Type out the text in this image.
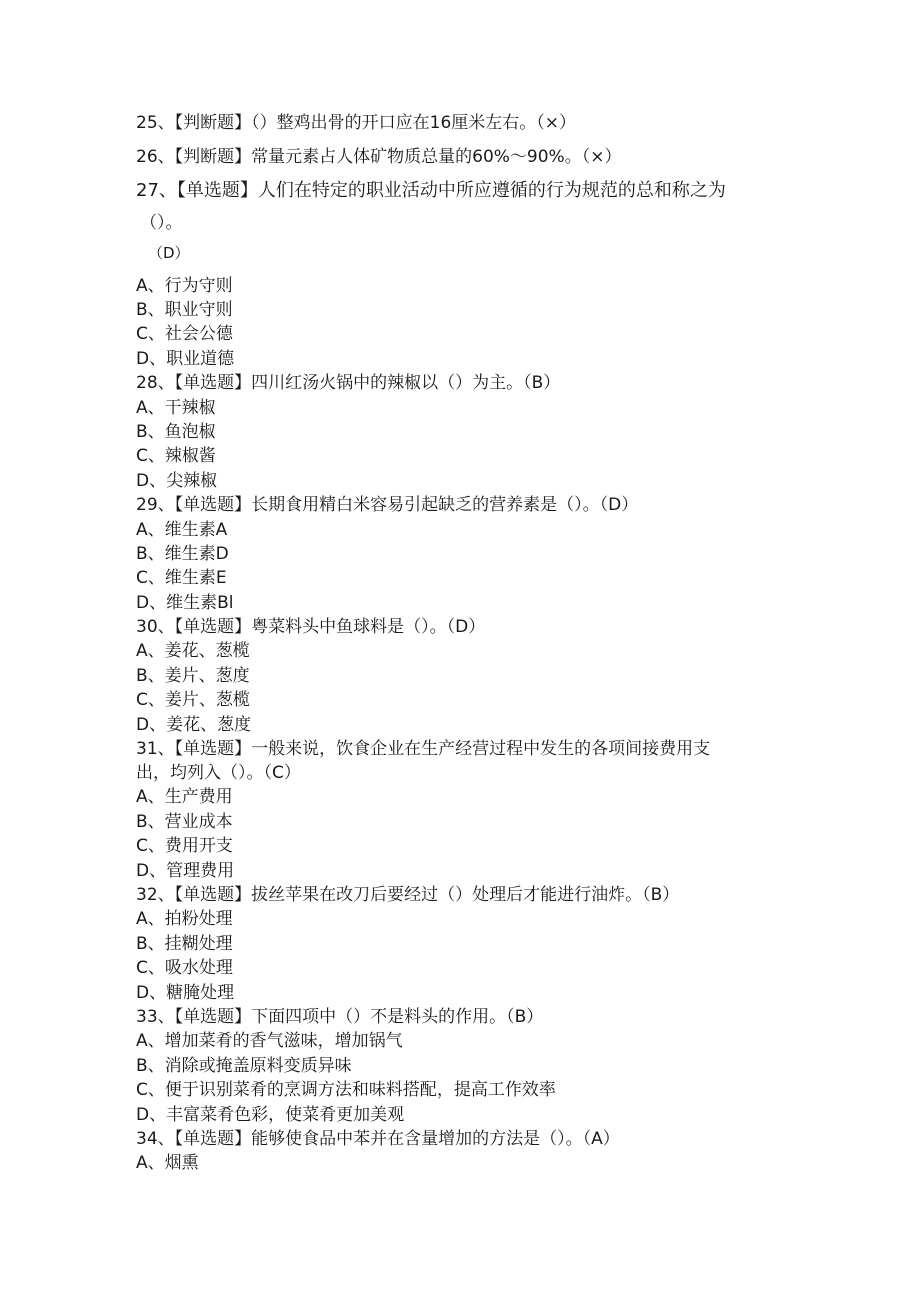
25、【判断题】（）整鸡出骨的开口应在16厘米左右。（×）
26、【判断题】常量元素占人体矿物质总量的60%～90%。（×）
27、【单选题】人们在特定的职业活动中所应遵循的行为规范的总和称之为
（）。
（D）
A、行为守则
B、职业守则
C、社会公德
D、职业道德
28、【单选题】四川红汤火锅中的辣椒以（）为主。（B）
A、干辣椒
B、鱼泡椒
C、辣椒酱
D、尖辣椒
29、【单选题】长期食用精白米容易引起缺乏的营养素是（）。（D）
A、维生素A
B、维生素D
C、维生素E
D、维生素Bl
30、【单选题】粤菜料头中鱼球料是（）。（D）
A、姜花、葱榄
B、姜片、葱度
C、姜片、葱榄
D、姜花、葱度
31、【单选题】一般来说，饮食企业在生产经营过程中发生的各项间接费用支
出，均列入（）。（C）
A、生产费用
B、营业成本
C、费用开支
D、管理费用
32、【单选题】拔丝苹果在改刀后要经过（）处理后才能进行油炸。（B）
A、拍粉处理
B、挂糊处理
C、吸水处理
D、糖腌处理
33、【单选题】下面四项中（）不是料头的作用。（B）
A、增加菜肴的香气滋味，增加锅气
B、消除或掩盖原料变质异味
C、便于识别菜肴的烹调方法和味料搭配，提高工作效率
D、丰富菜肴色彩，使菜肴更加美观
34、【单选题】能够使食品中苯并在含量增加的方法是（）。（A）
A、烟熏
